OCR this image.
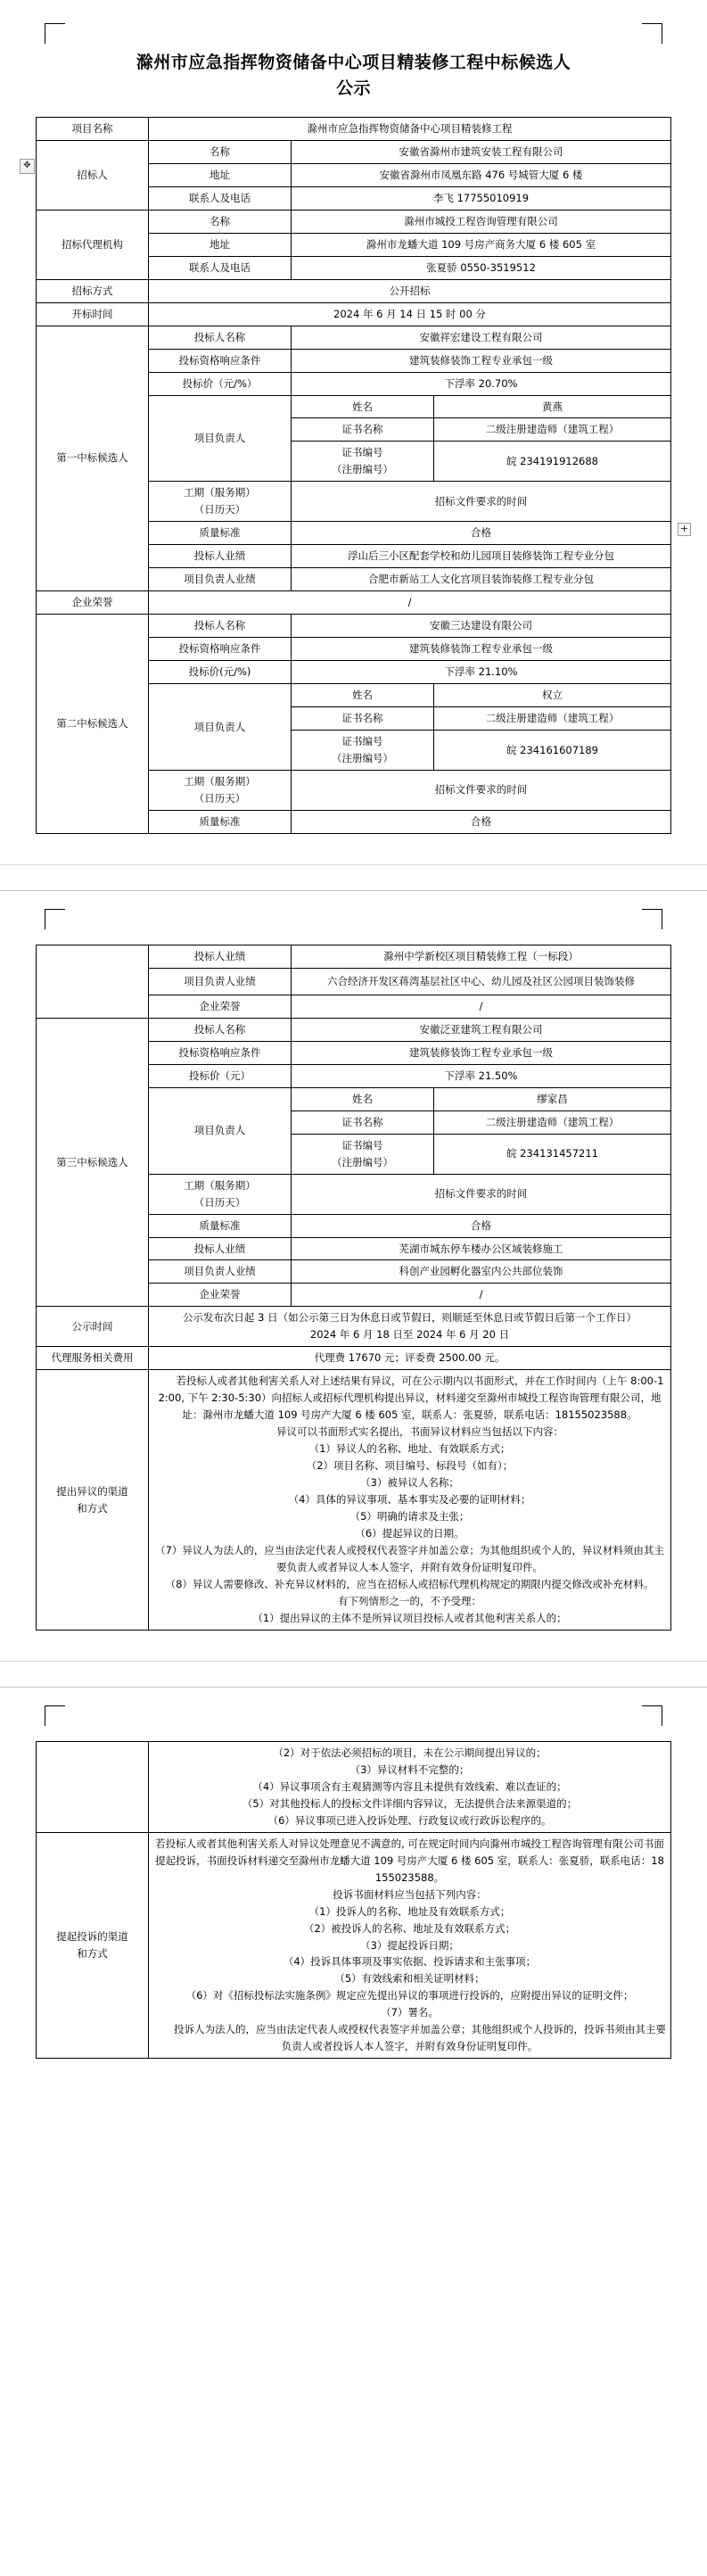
滁州市应急指挥物资储备中心项目精装修工程中标候选人
公示
✥
+
项目名称	滁州市应急指挥物资储备中心项目精装修工程		
招标人	名称	安徽省滁州市建筑安装工程有限公司	
	地址	安徽省滁州市凤凰东路 476 号城管大厦 6 楼	
	联系人及电话	李飞 17755010919	
招标代理机构	名称	滁州市城投工程咨询管理有限公司	
	地址	滁州市龙蟠大道 109 号房产商务大厦 6 楼 605 室	
	联系人及电话	张夏骄 0550-3519512	
招标方式	公开招标		
开标时间	2024 年 6 月 14 日 15 时 00 分		
第一中标候选人	投标人名称	安徽祥宏建设工程有限公司	
	投标资格响应条件	建筑装修装饰工程专业承包一级	
	投标价（元/%）	下浮率 20.70%	
	项目负责人	姓名	黄燕
		证书名称	二级注册建造师（建筑工程）

		证书编号
（注册编号）	皖 234191912688

	工期（服务期）
（日历天）	招标文件要求的时间	
	质量标准	合格	
	投标人业绩	浮山后三小区配套学校和幼儿园项目装修装饰工程专业分包	
	项目负责人业绩	合肥市新站工人文化宫项目装饰装修工程专业分包	
企业荣誉	/		
第二中标候选人	投标人名称	安徽三达建设有限公司	
	投标资格响应条件	建筑装修装饰工程专业承包一级	
	投标价(元/%)	下浮率 21.10%	
	项目负责人	姓名	权立
		证书名称	二级注册建造师（建筑工程）

		证书编号
（注册编号）	皖 234161607189

	工期（服务期）
（日历天）	招标文件要求的时间	
	质量标准	合格	
	投标人业绩	滁州中学新校区项目精装修工程（一标段）	
	项目负责人业绩	六合经济开发区蒋湾基层社区中心、幼儿园及社区公园项目装饰装修	
	企业荣誉	/	
第三中标候选人	投标人名称	安徽泛亚建筑工程有限公司	
	投标资格响应条件	建筑装修装饰工程专业承包一级	
	投标价（元）	下浮率 21.50%	
	项目负责人	姓名	缪家昌
		证书名称	二级注册建造师（建筑工程）

		证书编号
（注册编号）	皖 234131457211

	工期（服务期）
（日历天）	招标文件要求的时间	
	质量标准	合格	
	投标人业绩	芜湖市城东停车楼办公区域装修施工	
	项目负责人业绩	科创产业园孵化器室内公共部位装饰	
	企业荣誉	/	
公示时间	公示发布次日起 3 日（如公示第三日为休息日或节假日，则顺延至休息日或节假日后第一个工作日）

2024 年 6 月 18 日至 2024 年 6 月 20 日		

代理服务相关费用	代理费 17670 元；评委费 2500.00 元。		

提出异议的渠道
和方式

若投标人或者其他利害关系人对上述结果有异议，可在公示期内以书面形式，并在工作时间内（上午 8:00-12:00, 下午 2:30-5:30）向招标人或招标代理机构提出异议，材料递交至滁州市城投工程咨询管理有限公司，地址：滁州市龙蟠大道 109 号房产大厦 6 楼 605 室，联系人：张夏骄，联系电话：18155023588。

异议可以书面形式实名提出，书面异议材料应当包括以下内容：

（1）异议人的名称、地址、有效联系方式；

（2）项目名称、项目编号、标段号（如有）；

（3）被异议人名称；

（4）具体的异议事项、基本事实及必要的证明材料；

（5）明确的请求及主张；

（6）提起异议的日期。

（7）异议人为法人的，应当由法定代表人或授权代表签字并加盖公章；为其他组织或个人的，异议材料须由其主要负责人或者异议人本人签字，并附有效身份证明复印件。

（8）异议人需要修改、补充异议材料的，应当在招标人或招标代理机构规定的期限内提交修改或补充材料。

有下列情形之一的，不予受理：

（1）提出异议的主体不是所异议项目投标人或者其他利害关系人的；

	（2）对于依法必须招标的项目，未在公示期间提出异议的；

（3）异议材料不完整的；

（4）异议事项含有主观猜测等内容且未提供有效线索、难以查证的；

（5）对其他投标人的投标文件详细内容异议，无法提供合法来源渠道的；

（6）异议事项已进入投诉处理、行政复议或行政诉讼程序的。

提起投诉的渠道
和方式

若投标人或者其他利害关系人对异议处理意见不满意的, 可在规定时间内向滁州市城投工程咨询管理有限公司书面提起投诉，书面投诉材料递交至滁州市龙蟠大道 109 号房产大厦 6 楼 605 室，联系人：张夏骄，联系电话：18155023588。

投诉书面材料应当包括下列内容：

（1）投诉人的名称、地址及有效联系方式；

（2）被投诉人的名称、地址及有效联系方式；

（3）提起投诉日期；

（4）投诉具体事项及事实依据、投诉请求和主张事项；

（5）有效线索和相关证明材料；

（6）对《招标投标法实施条例》规定应先提出异议的事项进行投诉的，应附提出异议的证明文件；

（7）署名。

投诉人为法人的，应当由法定代表人或授权代表签字并加盖公章；其他组织或个人投诉的，投诉书须由其主要负责人或者投诉人本人签字，并附有效身份证明复印件。
